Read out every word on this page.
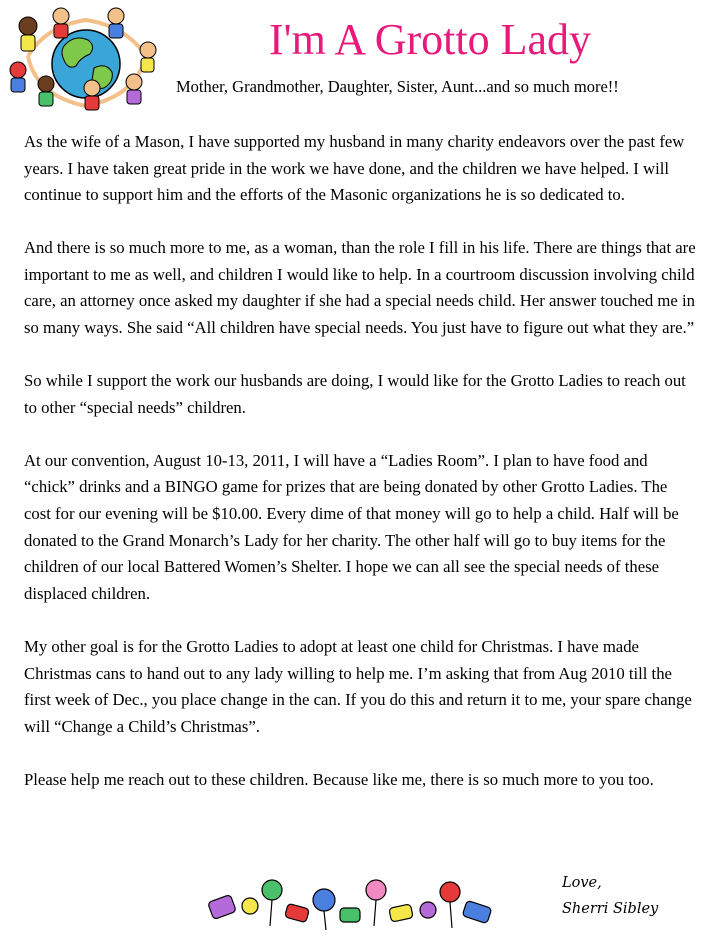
I'm A Grotto Lady
Mother, Grandmother, Daughter, Sister, Aunt...and so much more!!

As the wife of a Mason, I have supported my husband in many charity endeavors over the past few years. I have taken great pride in the work we have done, and the children we have helped. I will continue to support him and the efforts of the Masonic organizations he is so dedicated to.

And there is so much more to me, as a woman, than the role I fill in his life. There are things that are important to me as well, and children I would like to help. In a courtroom discussion involving child care, an attorney once asked my daughter if she had a special needs child. Her answer touched me in so many ways. She said “All children have special needs. You just have to figure out what they are.”

So while I support the work our husbands are doing, I would like for the Grotto Ladies to reach out to other “special needs” children.

At our convention, August 10-13, 2011, I will have a “Ladies Room”. I plan to have food and “chick” drinks and a BINGO game for prizes that are being donated by other Grotto Ladies. The cost for our evening will be $10.00. Every dime of that money will go to help a child. Half will be donated to the Grand Monarch’s Lady for her charity. The other half will go to buy items for the children of our local Battered Women’s Shelter. I hope we can all see the special needs of these displaced children.

My other goal is for the Grotto Ladies to adopt at least one child for Christmas. I have made Christmas cans to hand out to any lady willing to help me. I’m asking that from Aug 2010 till the first week of Dec., you place change in the can. If you do this and return it to me, your spare change will “Change a Child’s Christmas”.

Please help me reach out to these children. Because like me, there is so much more to you too.

Love,
Sherri Sibley
